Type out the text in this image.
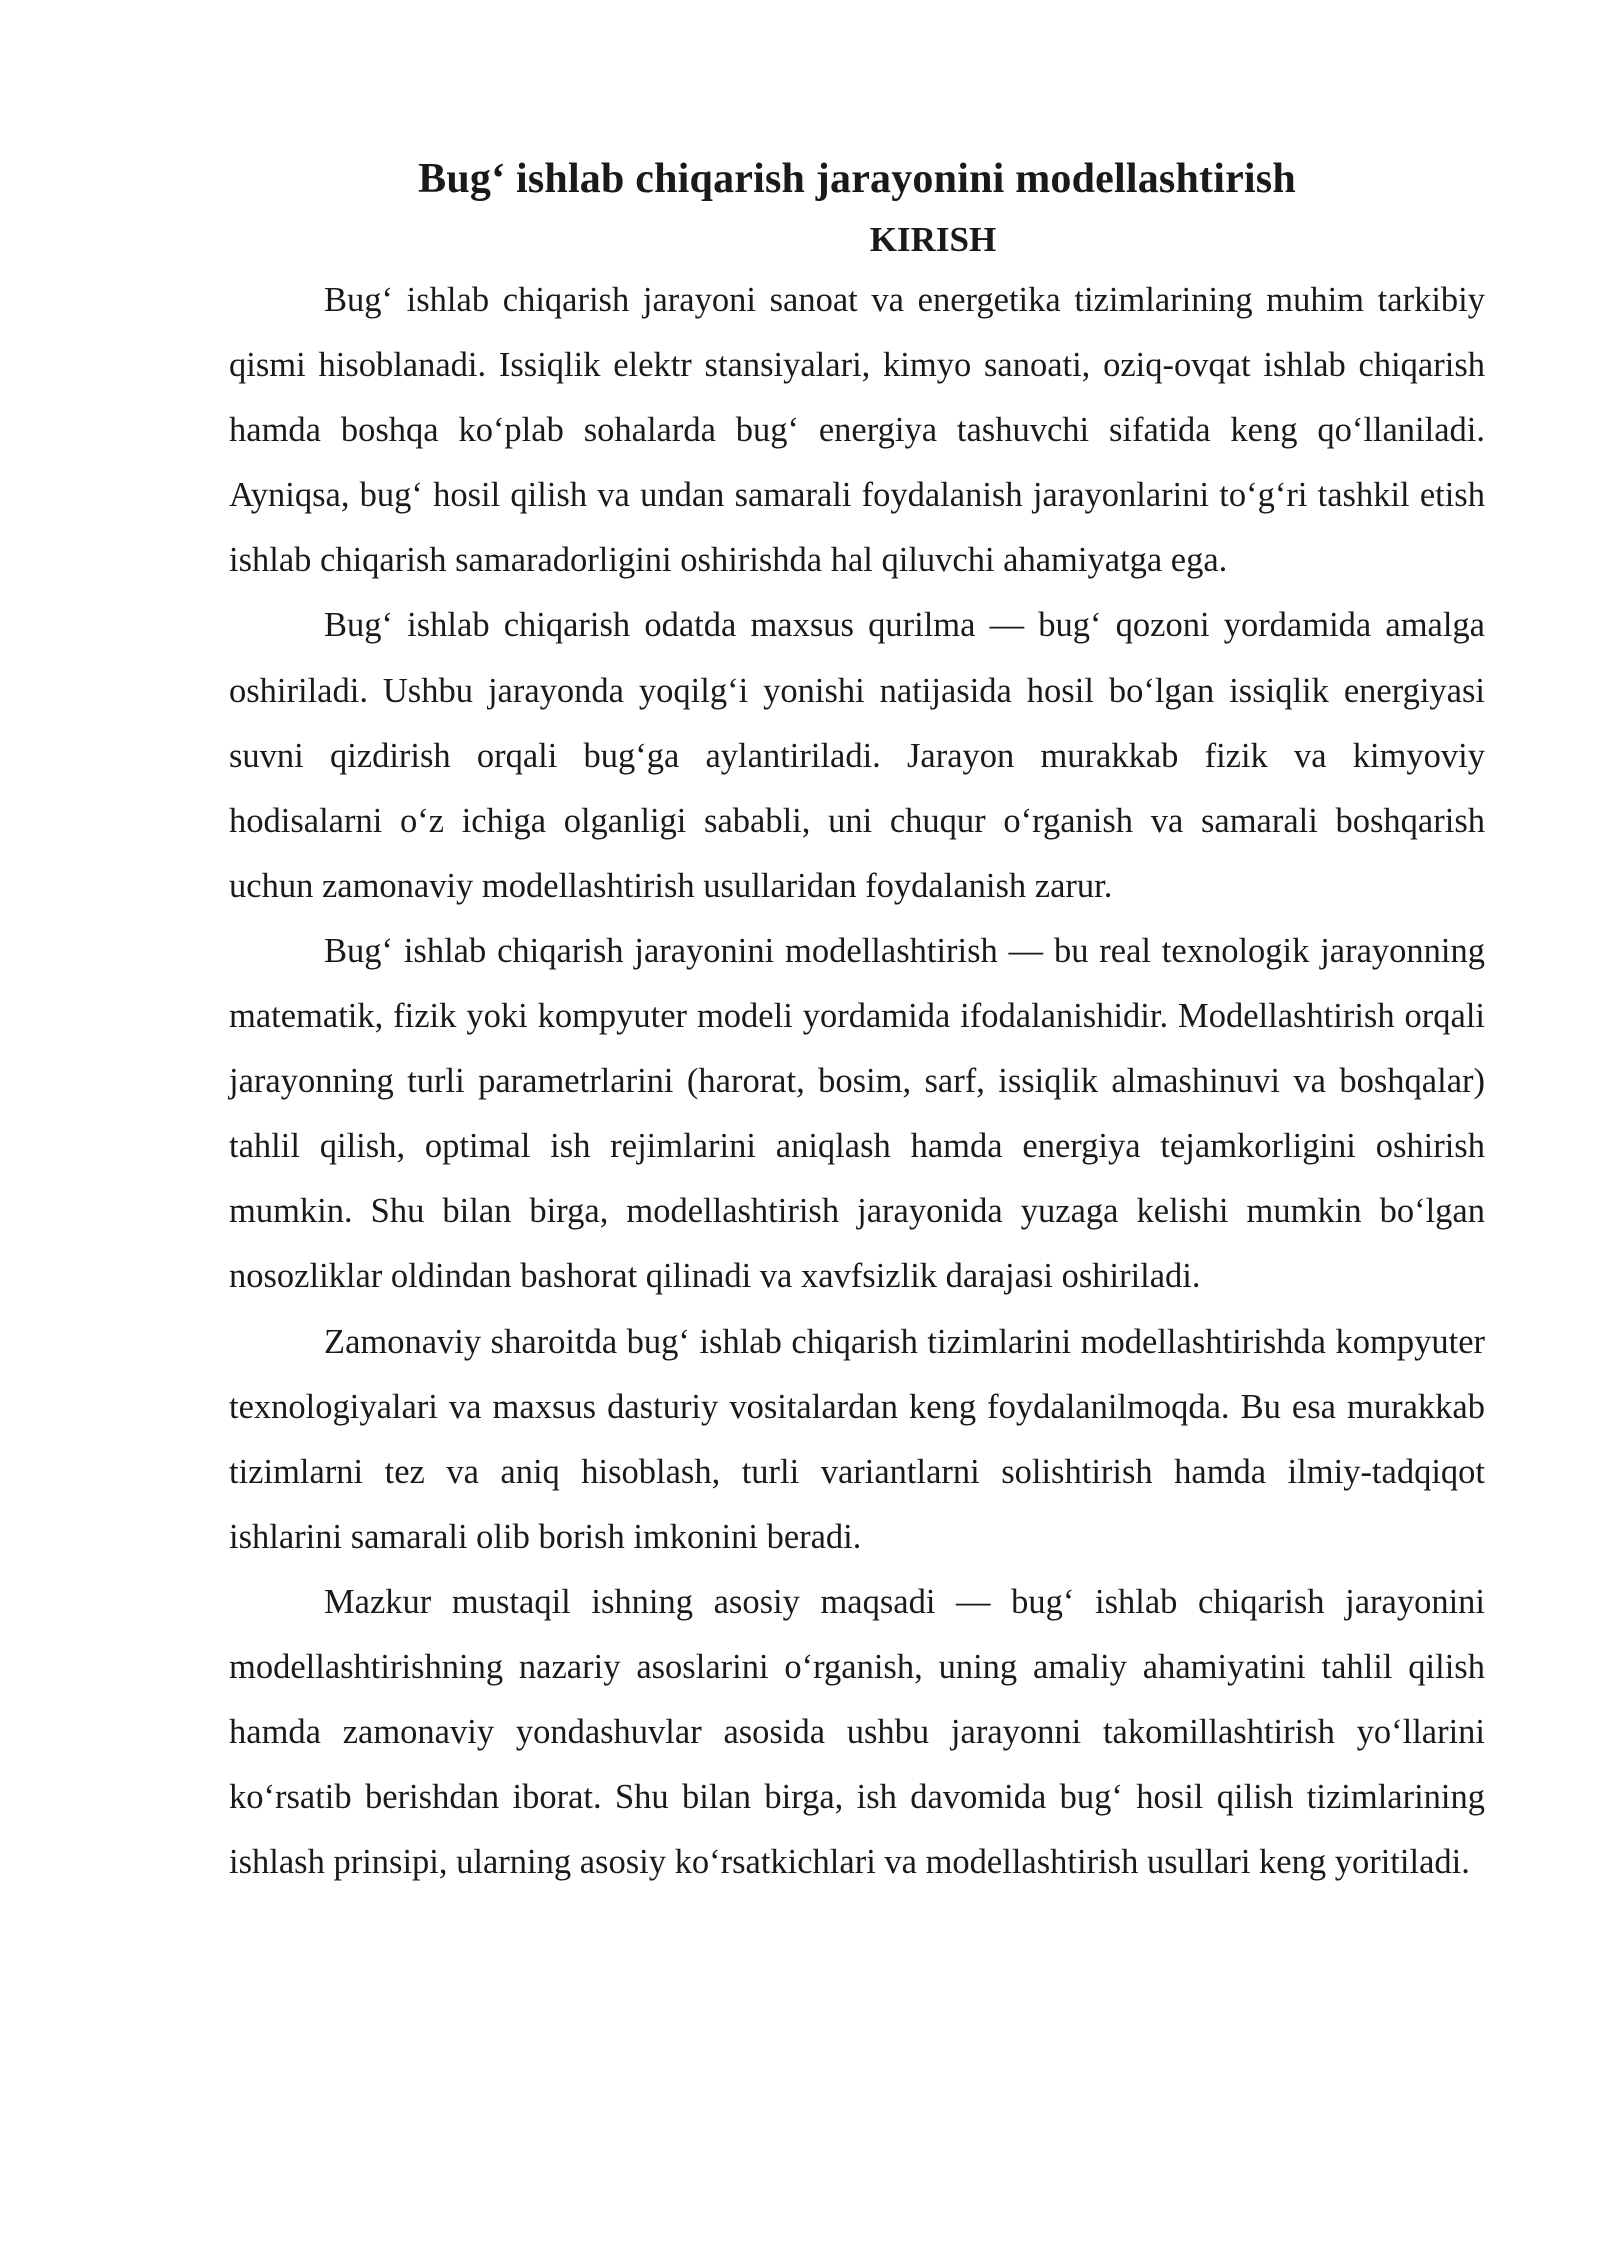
Bug‘ ishlab chiqarish jarayonini modellashtirish
KIRISH

Bug‘ ishlab chiqarish jarayoni sanoat va energetika tizimlarining muhim tarkibiy qismi hisoblanadi. Issiqlik elektr stansiyalari, kimyo sanoati, oziq-ovqat ishlab chiqarish hamda boshqa ko‘plab sohalarda bug‘ energiya tashuvchi sifatida keng qo‘llaniladi. Ayniqsa, bug‘ hosil qilish va undan samarali foydalanish jarayonlarini to‘g‘ri tashkil etish ishlab chiqarish samaradorligini oshirishda hal qiluvchi ahamiyatga ega.

Bug‘ ishlab chiqarish odatda maxsus qurilma — bug‘ qozoni yordamida amalga oshiriladi. Ushbu jarayonda yoqilg‘i yonishi natijasida hosil bo‘lgan issiqlik energiyasi suvni qizdirish orqali bug‘ga aylantiriladi. Jarayon murakkab fizik va kimyoviy hodisalarni o‘z ichiga olganligi sababli, uni chuqur o‘rganish va samarali boshqarish uchun zamonaviy modellashtirish usullaridan foydalanish zarur.

Bug‘ ishlab chiqarish jarayonini modellashtirish — bu real texnologik jarayonning matematik, fizik yoki kompyuter modeli yordamida ifodalanishidir. Modellashtirish orqali jarayonning turli parametrlarini (harorat, bosim, sarf, issiqlik almashinuvi va boshqalar) tahlil qilish, optimal ish rejimlarini aniqlash hamda energiya tejamkorligini oshirish mumkin. Shu bilan birga, modellashtirish jarayonida yuzaga kelishi mumkin bo‘lgan nosozliklar oldindan bashorat qilinadi va xavfsizlik darajasi oshiriladi.

Zamonaviy sharoitda bug‘ ishlab chiqarish tizimlarini modellashtirishda kompyuter texnologiyalari va maxsus dasturiy vositalardan keng foydalanilmoqda. Bu esa murakkab tizimlarni tez va aniq hisoblash, turli variantlarni solishtirish hamda ilmiy-tadqiqot ishlarini samarali olib borish imkonini beradi.

Mazkur mustaqil ishning asosiy maqsadi — bug‘ ishlab chiqarish jarayonini modellashtirishning nazariy asoslarini o‘rganish, uning amaliy ahamiyatini tahlil qilish hamda zamonaviy yondashuvlar asosida ushbu jarayonni takomillashtirish yo‘llarini ko‘rsatib berishdan iborat. Shu bilan birga, ish davomida bug‘ hosil qilish tizimlarining ishlash prinsipi, ularning asosiy ko‘rsatkichlari va modellashtirish usullari keng yoritiladi.
